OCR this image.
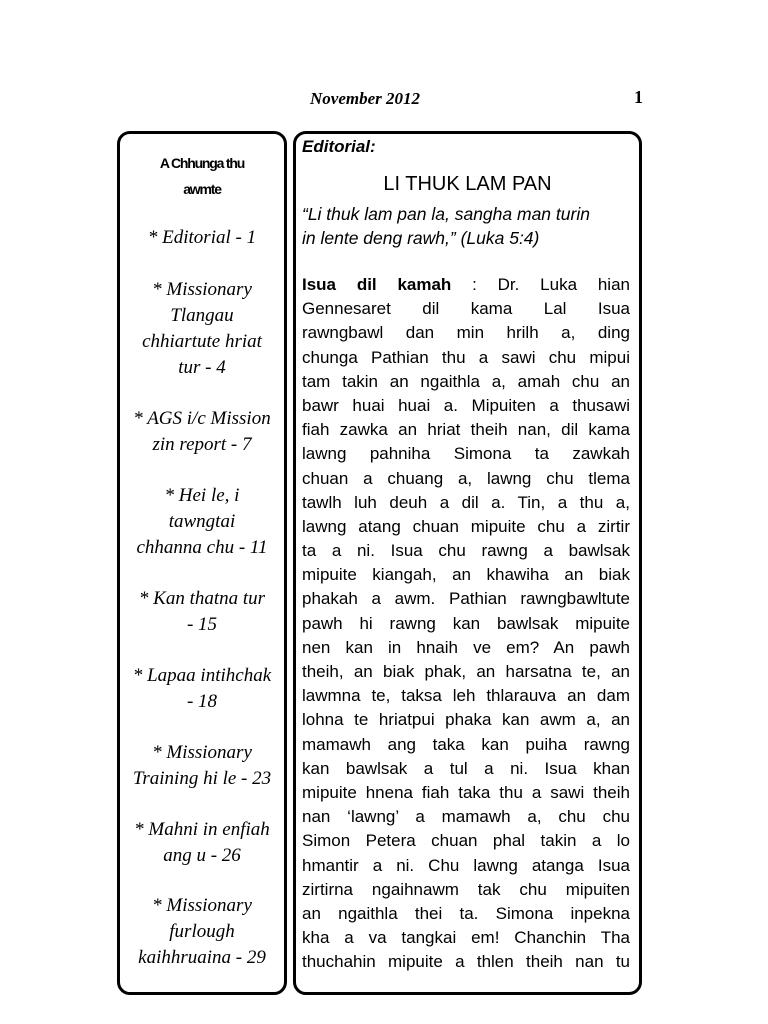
November 2012	1
A Chhunga thu
awmte
* Editorial - 1
* Missionary
Tlangau
chhiartute hriat
tur - 4
* AGS i/c Mission
zin report - 7
* Hei le, i
tawngtai
chhanna chu - 11
* Kan thatna tur
- 15
* Lapaa intihchak
- 18
* Missionary
Training hi le - 23
* Mahni in enfiah
ang u - 26
* Missionary
furlough
kaihhruaina - 29
Editorial:
LI THUK LAM PAN
“Li thuk lam pan la, sangha man turin
in lente deng rawh,” (Luka 5:4)
Isua dil kamah : Dr. Luka hian
Gennesaret dil kama Lal Isua
rawngbawl dan min hrilh a, ding
chunga Pathian thu a sawi chu mipui
tam takin an ngaithla a, amah chu an
bawr huai huai a. Mipuiten a thusawi
fiah zawka an hriat theih nan, dil kama
lawng pahniha Simona ta zawkah
chuan a chuang a, lawng chu tlema
tawlh luh deuh a dil a. Tin, a thu a,
lawng atang chuan mipuite chu a zirtir
ta a ni. Isua chu rawng a bawlsak
mipuite kiangah, an khawiha an biak
phakah a awm. Pathian rawngbawltute
pawh hi rawng kan bawlsak mipuite
nen kan in hnaih ve em? An pawh
theih, an biak phak, an harsatna te, an
lawmna te, taksa leh thlarauva an dam
lohna te hriatpui phaka kan awm a, an
mamawh ang taka kan puiha rawng
kan bawlsak a tul a ni. Isua khan
mipuite hnena fiah taka thu a sawi theih
nan ‘lawng’ a mamawh a, chu chu
Simon Petera chuan phal takin a lo
hmantir a ni. Chu lawng atanga Isua
zirtirna ngaihnawm tak chu mipuiten
an ngaithla thei ta. Simona inpekna
kha a va tangkai em! Chanchin Tha
thuchahin mipuite a thlen theih nan tu
